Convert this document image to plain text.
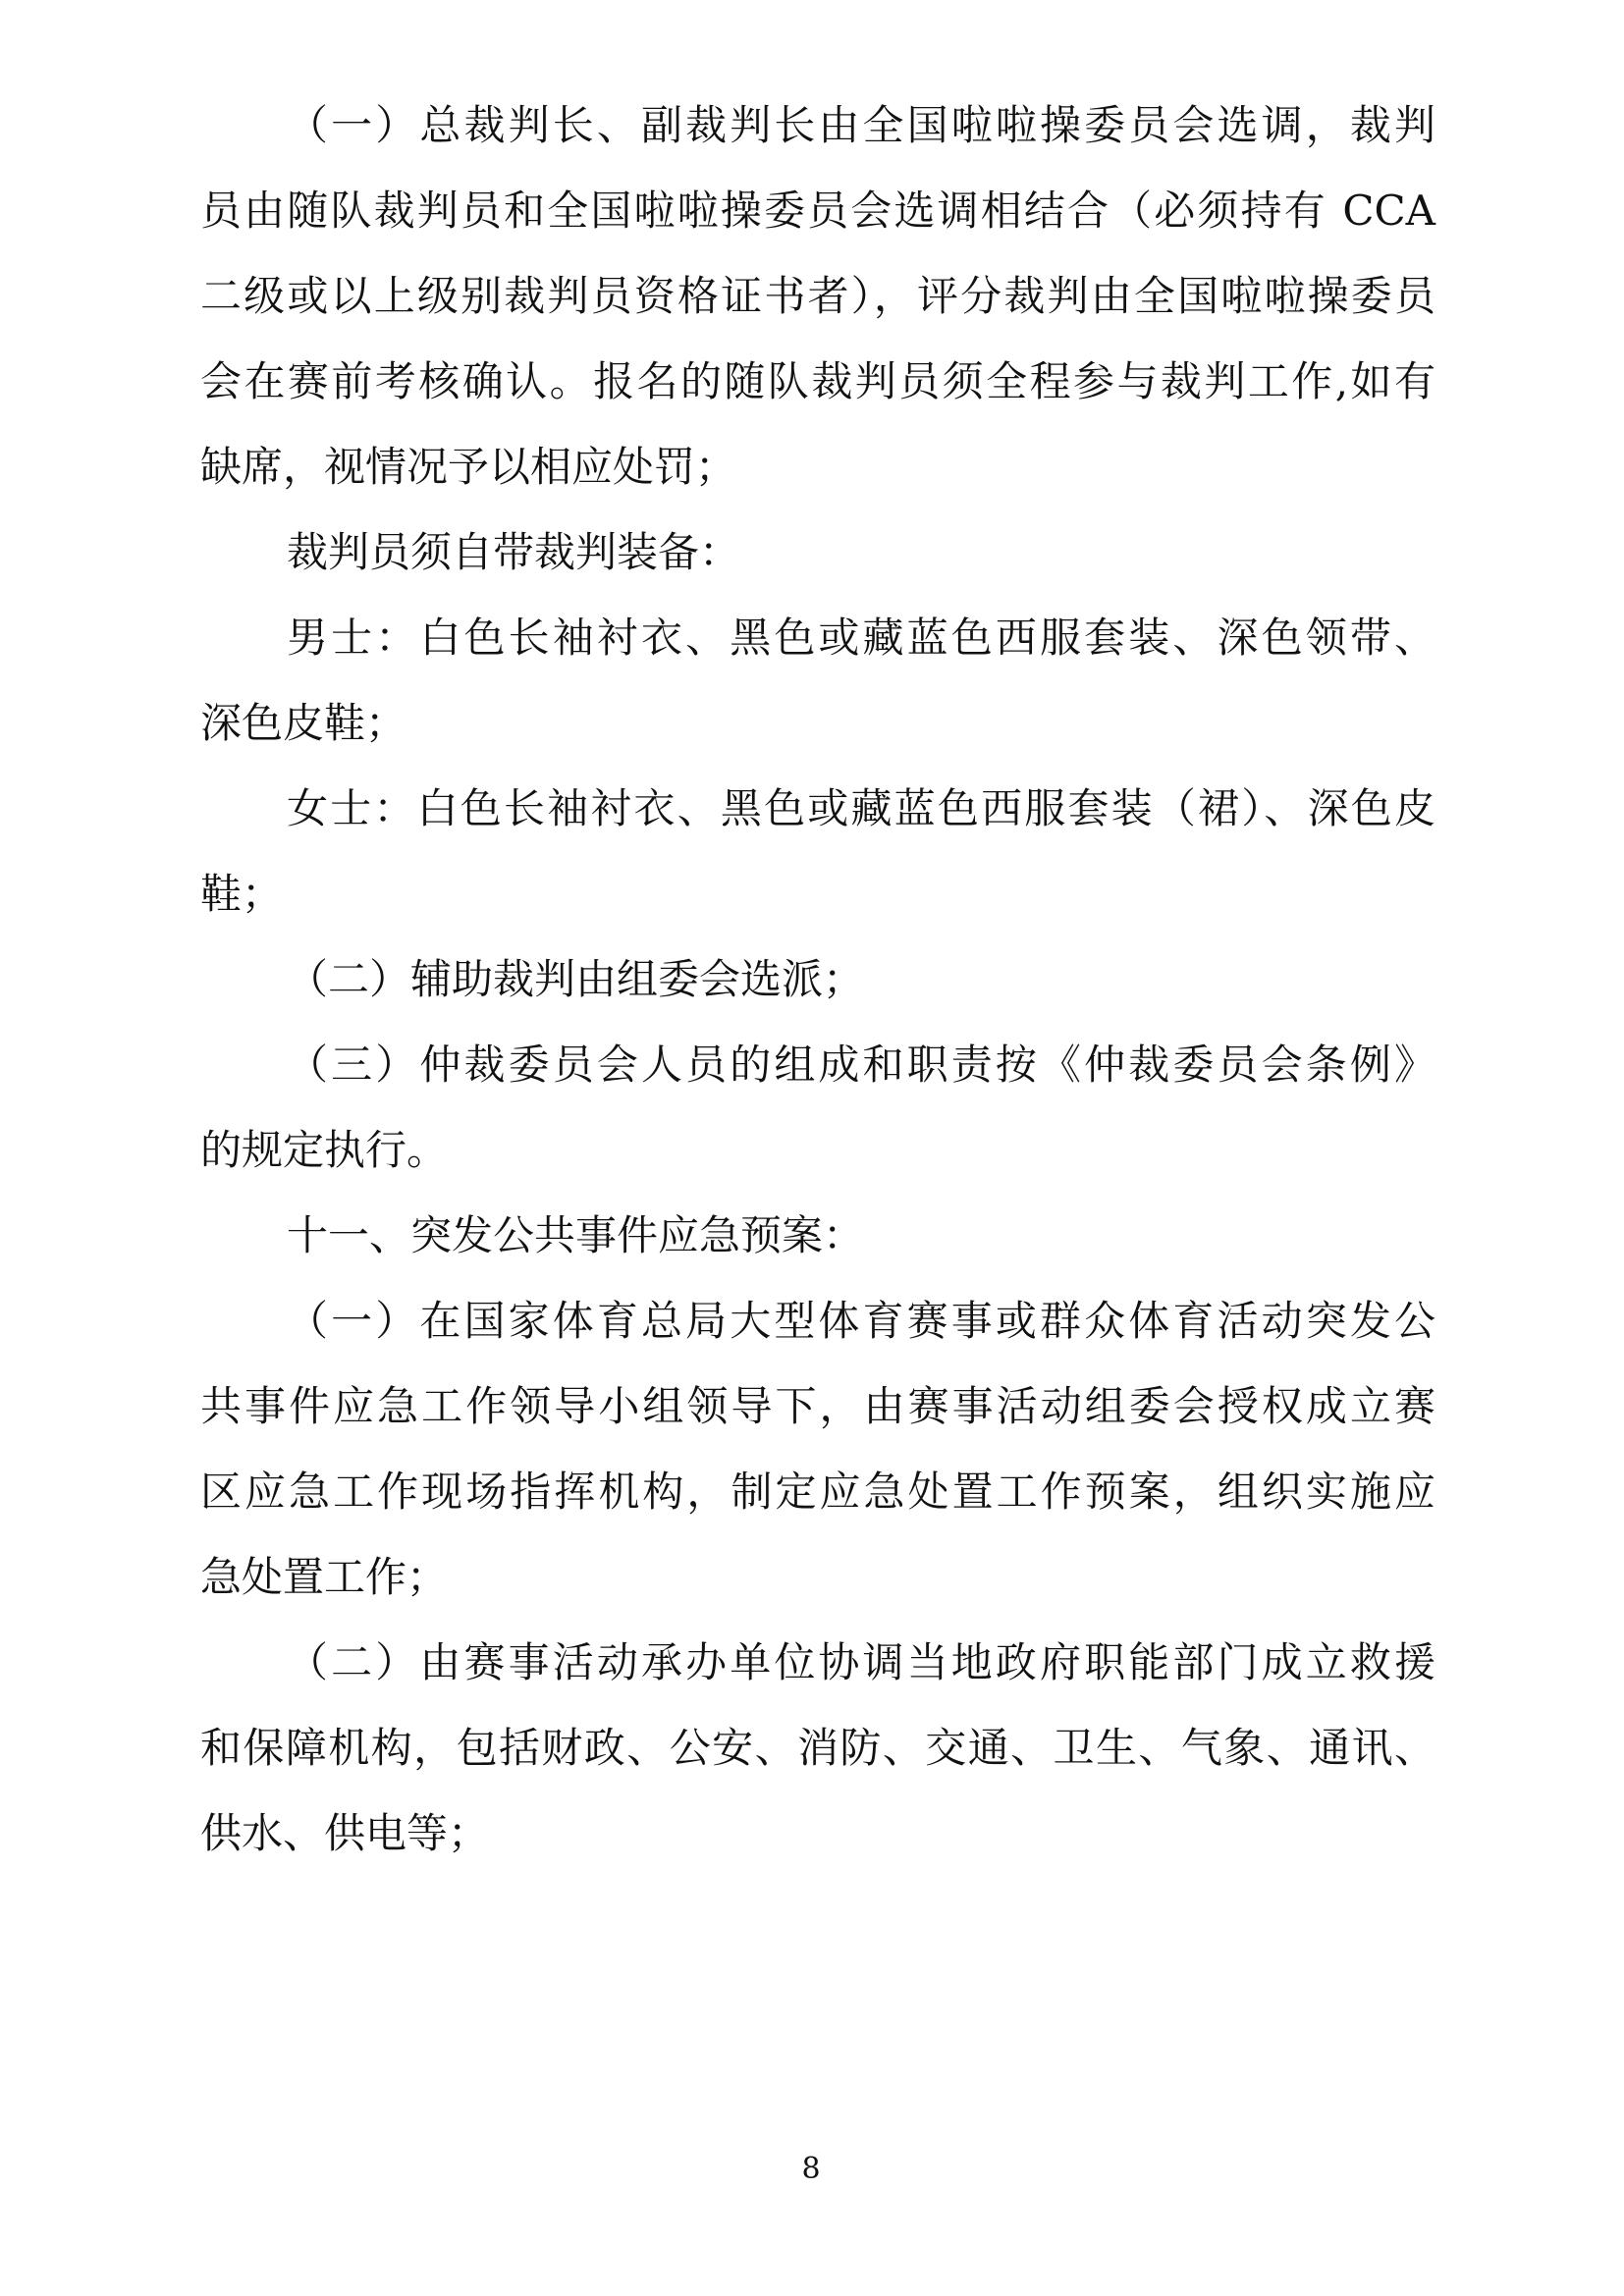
（一）总裁判长、副裁判长由全国啦啦操委员会选调，裁判
员由随队裁判员和全国啦啦操委员会选调相结合（必须持有 CCA
二级或以上级别裁判员资格证书者），评分裁判由全国啦啦操委员
会在赛前考核确认。报名的随队裁判员须全程参与裁判工作,如有
缺席，视情况予以相应处罚；
裁判员须自带裁判装备：
男士：白色长袖衬衣、黑色或藏蓝色西服套装、深色领带、
深色皮鞋；
女士：白色长袖衬衣、黑色或藏蓝色西服套装（裙）、深色皮
鞋；
（二）辅助裁判由组委会选派；
（三）仲裁委员会人员的组成和职责按《仲裁委员会条例》
的规定执行。
十一、突发公共事件应急预案：
（一）在国家体育总局大型体育赛事或群众体育活动突发公
共事件应急工作领导小组领导下，由赛事活动组委会授权成立赛
区应急工作现场指挥机构，制定应急处置工作预案，组织实施应
急处置工作；
（二）由赛事活动承办单位协调当地政府职能部门成立救援
和保障机构，包括财政、公安、消防、交通、卫生、气象、通讯、
供水、供电等；
8
